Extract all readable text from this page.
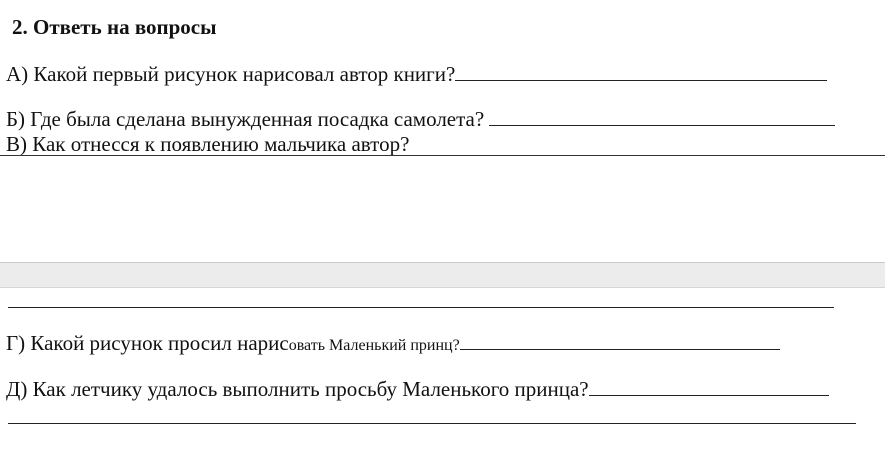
2. Ответь на вопросы
А) Какой первый рисунок нарисовал автор книги?
Б) Где была сделана вынужденная посадка самолета?
В) Как отнесся к появлению мальчика автор?
Г) Какой рисунок просил нарисовать Маленький принц?
Д) Как летчику удалось выполнить просьбу Маленького принца?
